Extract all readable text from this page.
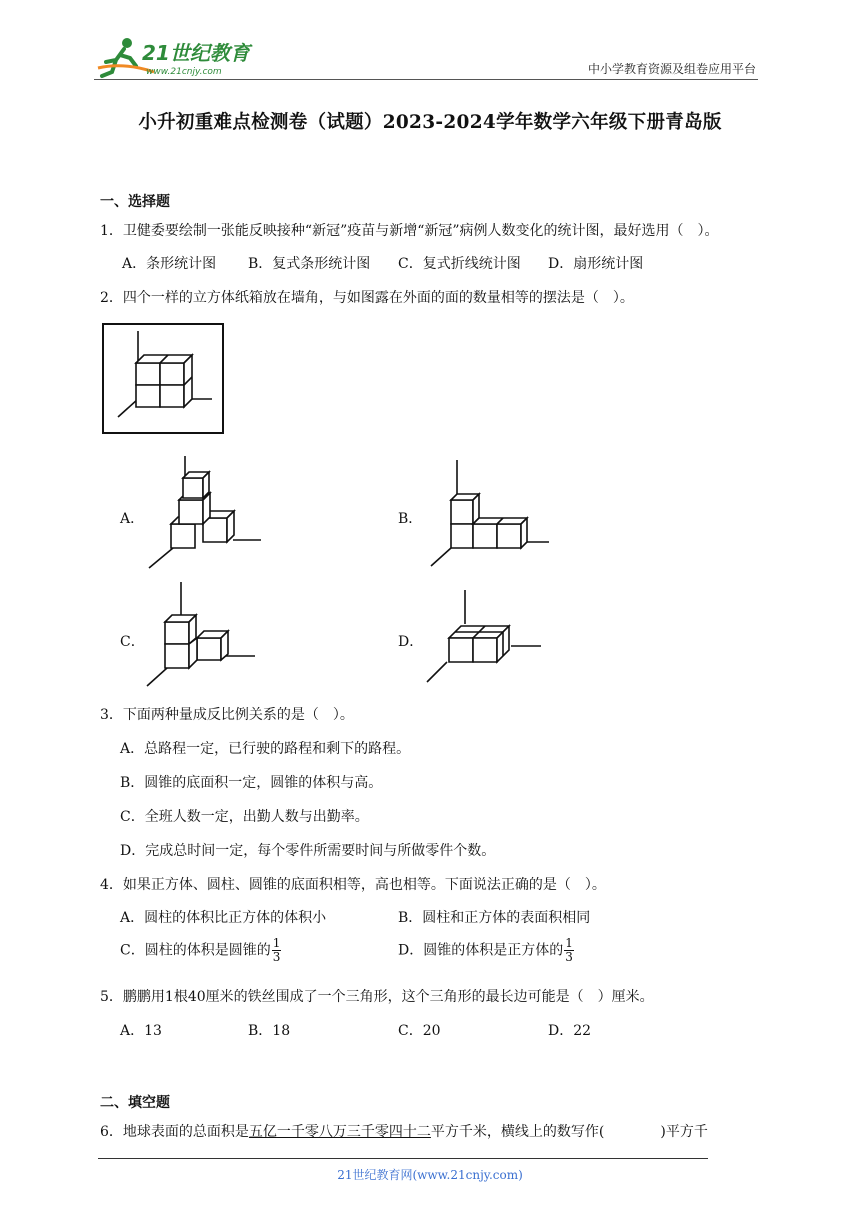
21世纪教育
www.21cnjy.com	中小学教育资源及组卷应用平台
小升初重难点检测卷（试题）2023-2024学年数学六年级下册青岛版
一、选择题
1．卫健委要绘制一张能反映接种“新冠”疫苗与新增“新冠”病例人数变化的统计图，最好选用（　）。
A．条形统计图 B．复式条形统计图 C．复式折线统计图 D．扇形统计图
2．四个一样的立方体纸箱放在墙角，与如图露在外面的面的数量相等的摆法是（　）。
A．	B．
C．	D．
3．下面两种量成反比例关系的是（　）。
A．总路程一定，已行驶的路程和剩下的路程。
B．圆锥的底面积一定，圆锥的体积与高。
C．全班人数一定，出勤人数与出勤率。
D．完成总时间一定，每个零件所需要时间与所做零件个数。
4．如果正方体、圆柱、圆锥的底面积相等，高也相等。下面说法正确的是（　）。
A．圆柱的体积比正方体的体积小	B．圆柱和正方体的表面积相同
C．圆柱的体积是圆锥的 $\frac{1}{3}$	D．圆锥的体积是正方体的 $\frac{1}{3}$
5．鹏鹏用1根40厘米的铁丝围成了一个三角形，这个三角形的最长边可能是（　）厘米。
A．13	B．18	C．20	D．22
二、填空题
6．地球表面的总面积是五亿一千零八万三千零四十二平方千米，横线上的数写作(　　　　)平方千
21世纪教育网(www.21cnjy.com)
